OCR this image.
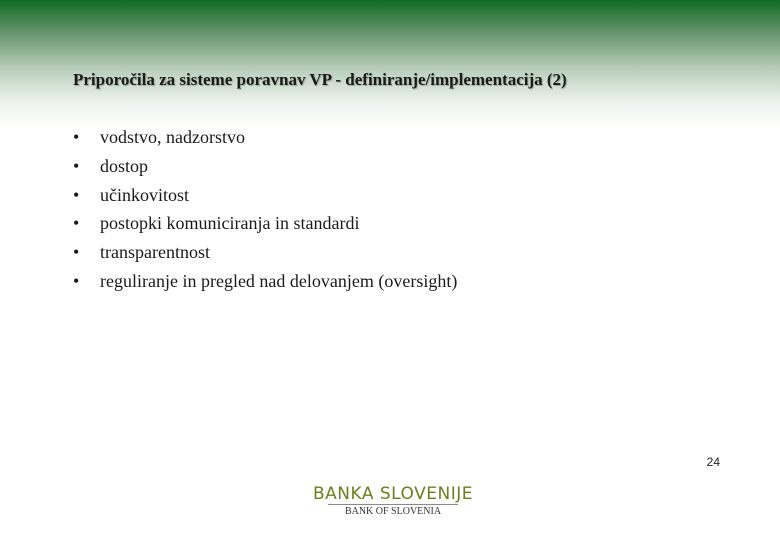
Priporočila za sisteme poravnav VP - definiranje/implementacija (2)
• vodstvo, nadzorstvo
• dostop
• učinkovitost
• postopki komuniciranja in standardi
• transparentnost
• reguliranje in pregled nad delovanjem (oversight)
24
BANKA SLOVENIJE
BANK OF SLOVENIA
